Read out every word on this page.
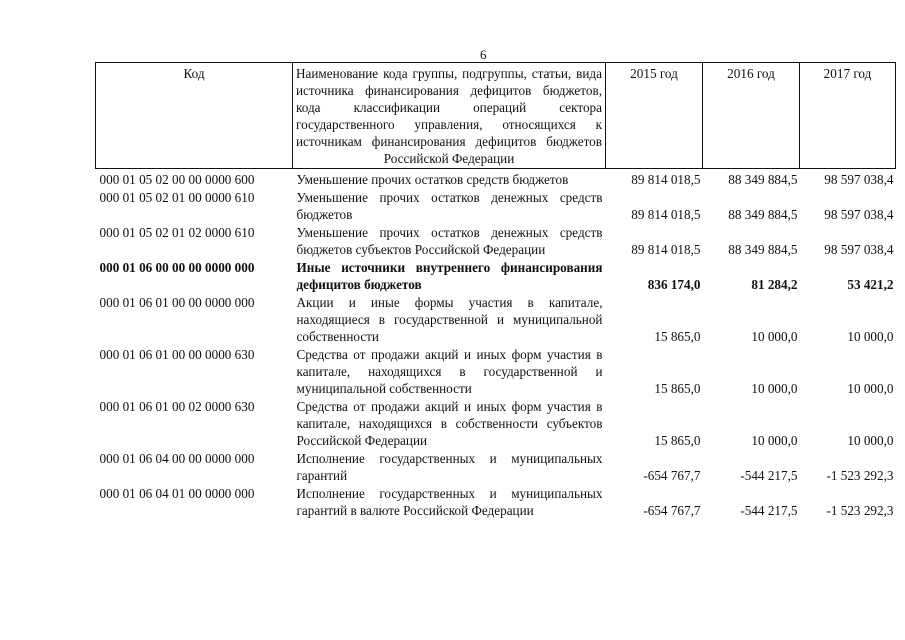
6
Код	Наименование кода группы, подгруппы, статьи, вида источника финансирования дефицитов бюджетов, кода классификации операций сектора государственного управления, относящихся к источникам финансирования дефицитов бюджетов Российской Федерации	2015 год	2016 год	2017 год
000 01 05 02 00 00 0000 600	Уменьшение прочих остатков средств бюджетов	89 814 018,5	88 349 884,5	98 597 038,4
000 01 05 02 01 00 0000 610	Уменьшение прочих остатков денежных средств бюджетов	89 814 018,5	88 349 884,5	98 597 038,4
000 01 05 02 01 02 0000 610	Уменьшение прочих остатков денежных средств бюджетов субъектов Российской Федерации	89 814 018,5	88 349 884,5	98 597 038,4
000 01 06 00 00 00 0000 000	Иные источники внутреннего финансирования дефицитов бюджетов	836 174,0	81 284,2	53 421,2
000 01 06 01 00 00 0000 000	Акции и иные формы участия в капитале, находящиеся в государственной и муниципальной собственности	15 865,0	10 000,0	10 000,0
000 01 06 01 00 00 0000 630	Средства от продажи акций и иных форм участия в капитале, находящихся в государственной и муниципальной собственности	15 865,0	10 000,0	10 000,0
000 01 06 01 00 02 0000 630	Средства от продажи акций и иных форм участия в капитале, находящихся в собственности субъектов Российской Федерации	15 865,0	10 000,0	10 000,0
000 01 06 04 00 00 0000 000	Исполнение государственных и муниципальных гарантий	-654 767,7	-544 217,5	-1 523 292,3
000 01 06 04 01 00 0000 000	Исполнение государственных и муниципальных гарантий в валюте Российской Федерации	-654 767,7	-544 217,5	-1 523 292,3
